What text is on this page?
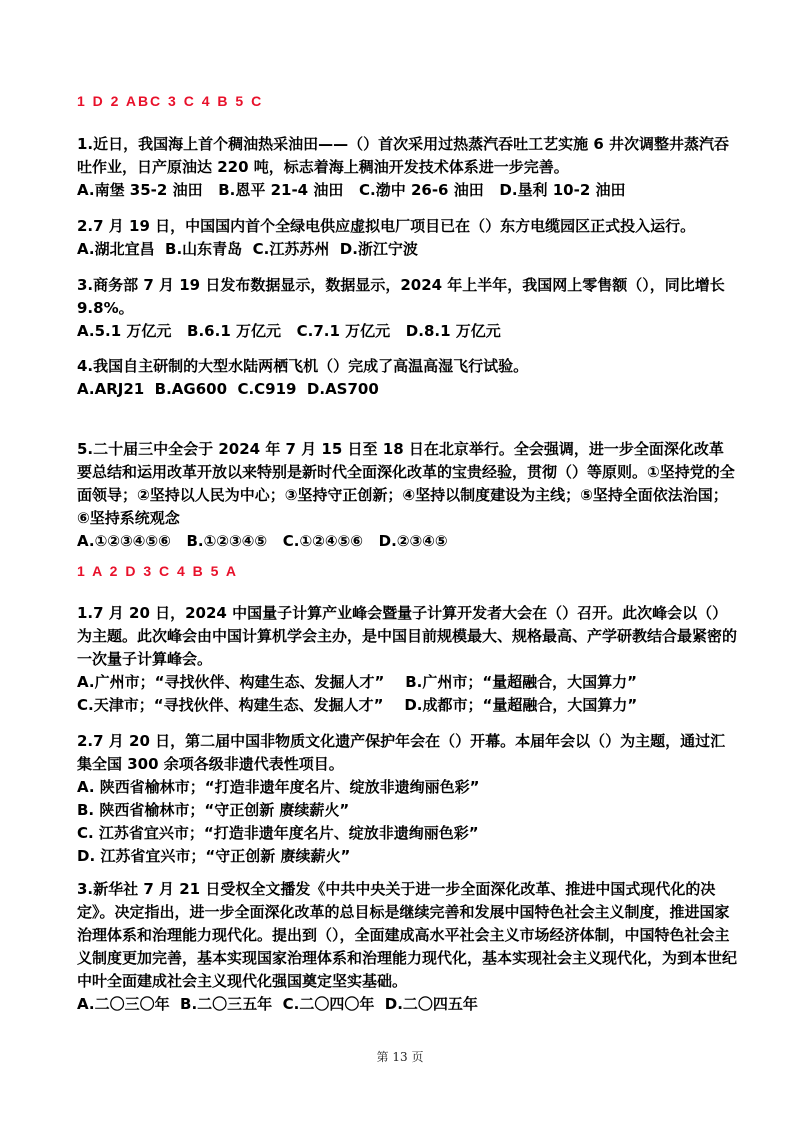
1 D 2 ABC 3 C 4 B 5 C

1.近日，我国海上首个稠油热采油田——（）首次采用过热蒸汽吞吐工艺实施 6 井次调整井蒸汽吞吐作业，日产原油达 220 吨，标志着海上稠油开发技术体系进一步完善。

A.南堡 35-2 油田   B.恩平 21-4 油田   C.渤中 26-6 油田   D.垦利 10-2 油田

2.7 月 19 日，中国国内首个全绿电供应虚拟电厂项目已在（）东方电缆园区正式投入运行。

A.湖北宜昌  B.山东青岛  C.江苏苏州  D.浙江宁波

3.商务部 7 月 19 日发布数据显示，数据显示，2024 年上半年，我国网上零售额（），同比增长 9.8%。

A.5.1 万亿元   B.6.1 万亿元   C.7.1 万亿元   D.8.1 万亿元

4.我国自主研制的大型水陆两栖飞机（）完成了高温高湿飞行试验。

A.ARJ21  B.AG600  C.C919  D.AS700

5.二十届三中全会于 2024 年 7 月 15 日至 18 日在北京举行。全会强调，进一步全面深化改革要总结和运用改革开放以来特别是新时代全面深化改革的宝贵经验，贯彻（）等原则。①坚持党的全面领导；②坚持以人民为中心；③坚持守正创新；④坚持以制度建设为主线；⑤坚持全面依法治国；⑥坚持系统观念

A.①②③④⑤⑥   B.①②③④⑤   C.①②④⑤⑥   D.②③④⑤

1 A 2 D 3 C 4 B 5 A

1.7 月 20 日，2024 中国量子计算产业峰会暨量子计算开发者大会在（）召开。此次峰会以（）为主题。此次峰会由中国计算机学会主办，是中国目前规模最大、规格最高、产学研教结合最紧密的一次量子计算峰会。

A.广州市；“寻找伙伴、构建生态、发掘人才”    B.广州市；“量超融合，大国算力”
C.天津市；“寻找伙伴、构建生态、发掘人才”    D.成都市；“量超融合，大国算力”

2.7 月 20 日，第二届中国非物质文化遗产保护年会在（）开幕。本届年会以（）为主题，通过汇集全国 300 余项各级非遗代表性项目。

A. 陕西省榆林市；“打造非遗年度名片、绽放非遗绚丽色彩”
B. 陕西省榆林市；“守正创新 赓续薪火”
C. 江苏省宜兴市；“打造非遗年度名片、绽放非遗绚丽色彩”
D. 江苏省宜兴市；“守正创新 赓续薪火”

3.新华社 7 月 21 日受权全文播发《中共中央关于进一步全面深化改革、推进中国式现代化的决定》。决定指出，进一步全面深化改革的总目标是继续完善和发展中国特色社会主义制度，推进国家治理体系和治理能力现代化。提出到（），全面建成高水平社会主义市场经济体制，中国特色社会主义制度更加完善，基本实现国家治理体系和治理能力现代化，基本实现社会主义现代化，为到本世纪中叶全面建成社会主义现代化强国奠定坚实基础。

A.二〇三〇年  B.二〇三五年  C.二〇四〇年  D.二〇四五年

第 13 页
